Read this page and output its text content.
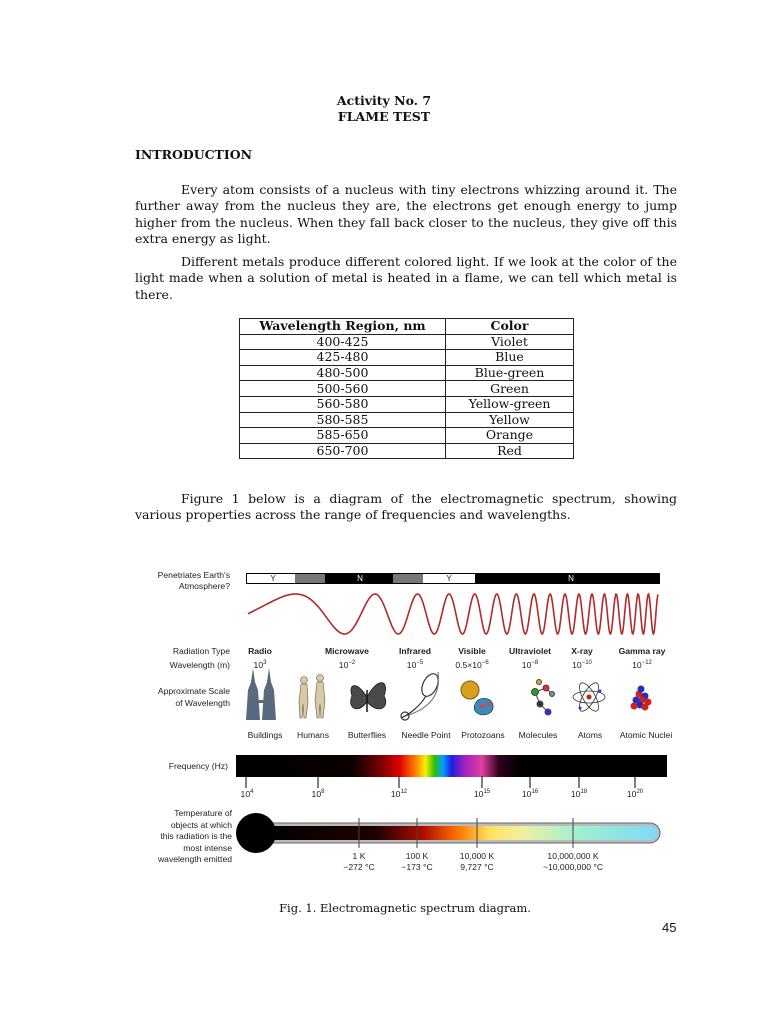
Activity No. 7
FLAME TEST
INTRODUCTION
Every atom consists of a nucleus with tiny electrons whizzing around it. The further away from the nucleus they are, the electrons get enough energy to jump higher from the nucleus. When they fall back closer to the nucleus, they give off this extra energy as light.
Different metals produce different colored light. If we look at the color of the light made when a solution of metal is heated in a flame, we can tell which metal is there.
Wavelength Region, nm	Color
400-425	Violet
425-480	Blue
480-500	Blue-green
500-560	Green
560-580	Yellow-green
580-585	Yellow
585-650	Orange
650-700	Red
Figure 1 below is a diagram of the electromagnetic spectrum, showing various properties across the range of frequencies and wavelengths.
Penetriates Earth's
Atmosphere?
Y	N	Y	N
Radiation Type
Wavelength (m)
Approximate Scale
of Wavelength
Frequency (Hz)
Temperature of
objects at which
this radiation is the
most intense
wavelength emitted
Radio	Microwave	Infrared	Visible	Ultraviolet	X-ray	Gamma ray
$10^3$	$10^{-2}$	$10^{-5}$	$0.5\times 10^{-6}$	$10^{-8}$	$10^{-10}$	$10^{-12}$
Buildings	Humans	Butterflies	Needle Point	Protozoans	Molecules	Atoms	Atomic Nuclei
$10^4$	$10^8$	$10^{12}$	$10^{15}$	$10^{16}$	$10^{18}$	$10^{20}$
1 K
−272 °C
100 K
−173 °C
10,000 K
9,727 °C
10,000,000 K
~10,000,000 °C
Fig. 1. Electromagnetic spectrum diagram.
45
